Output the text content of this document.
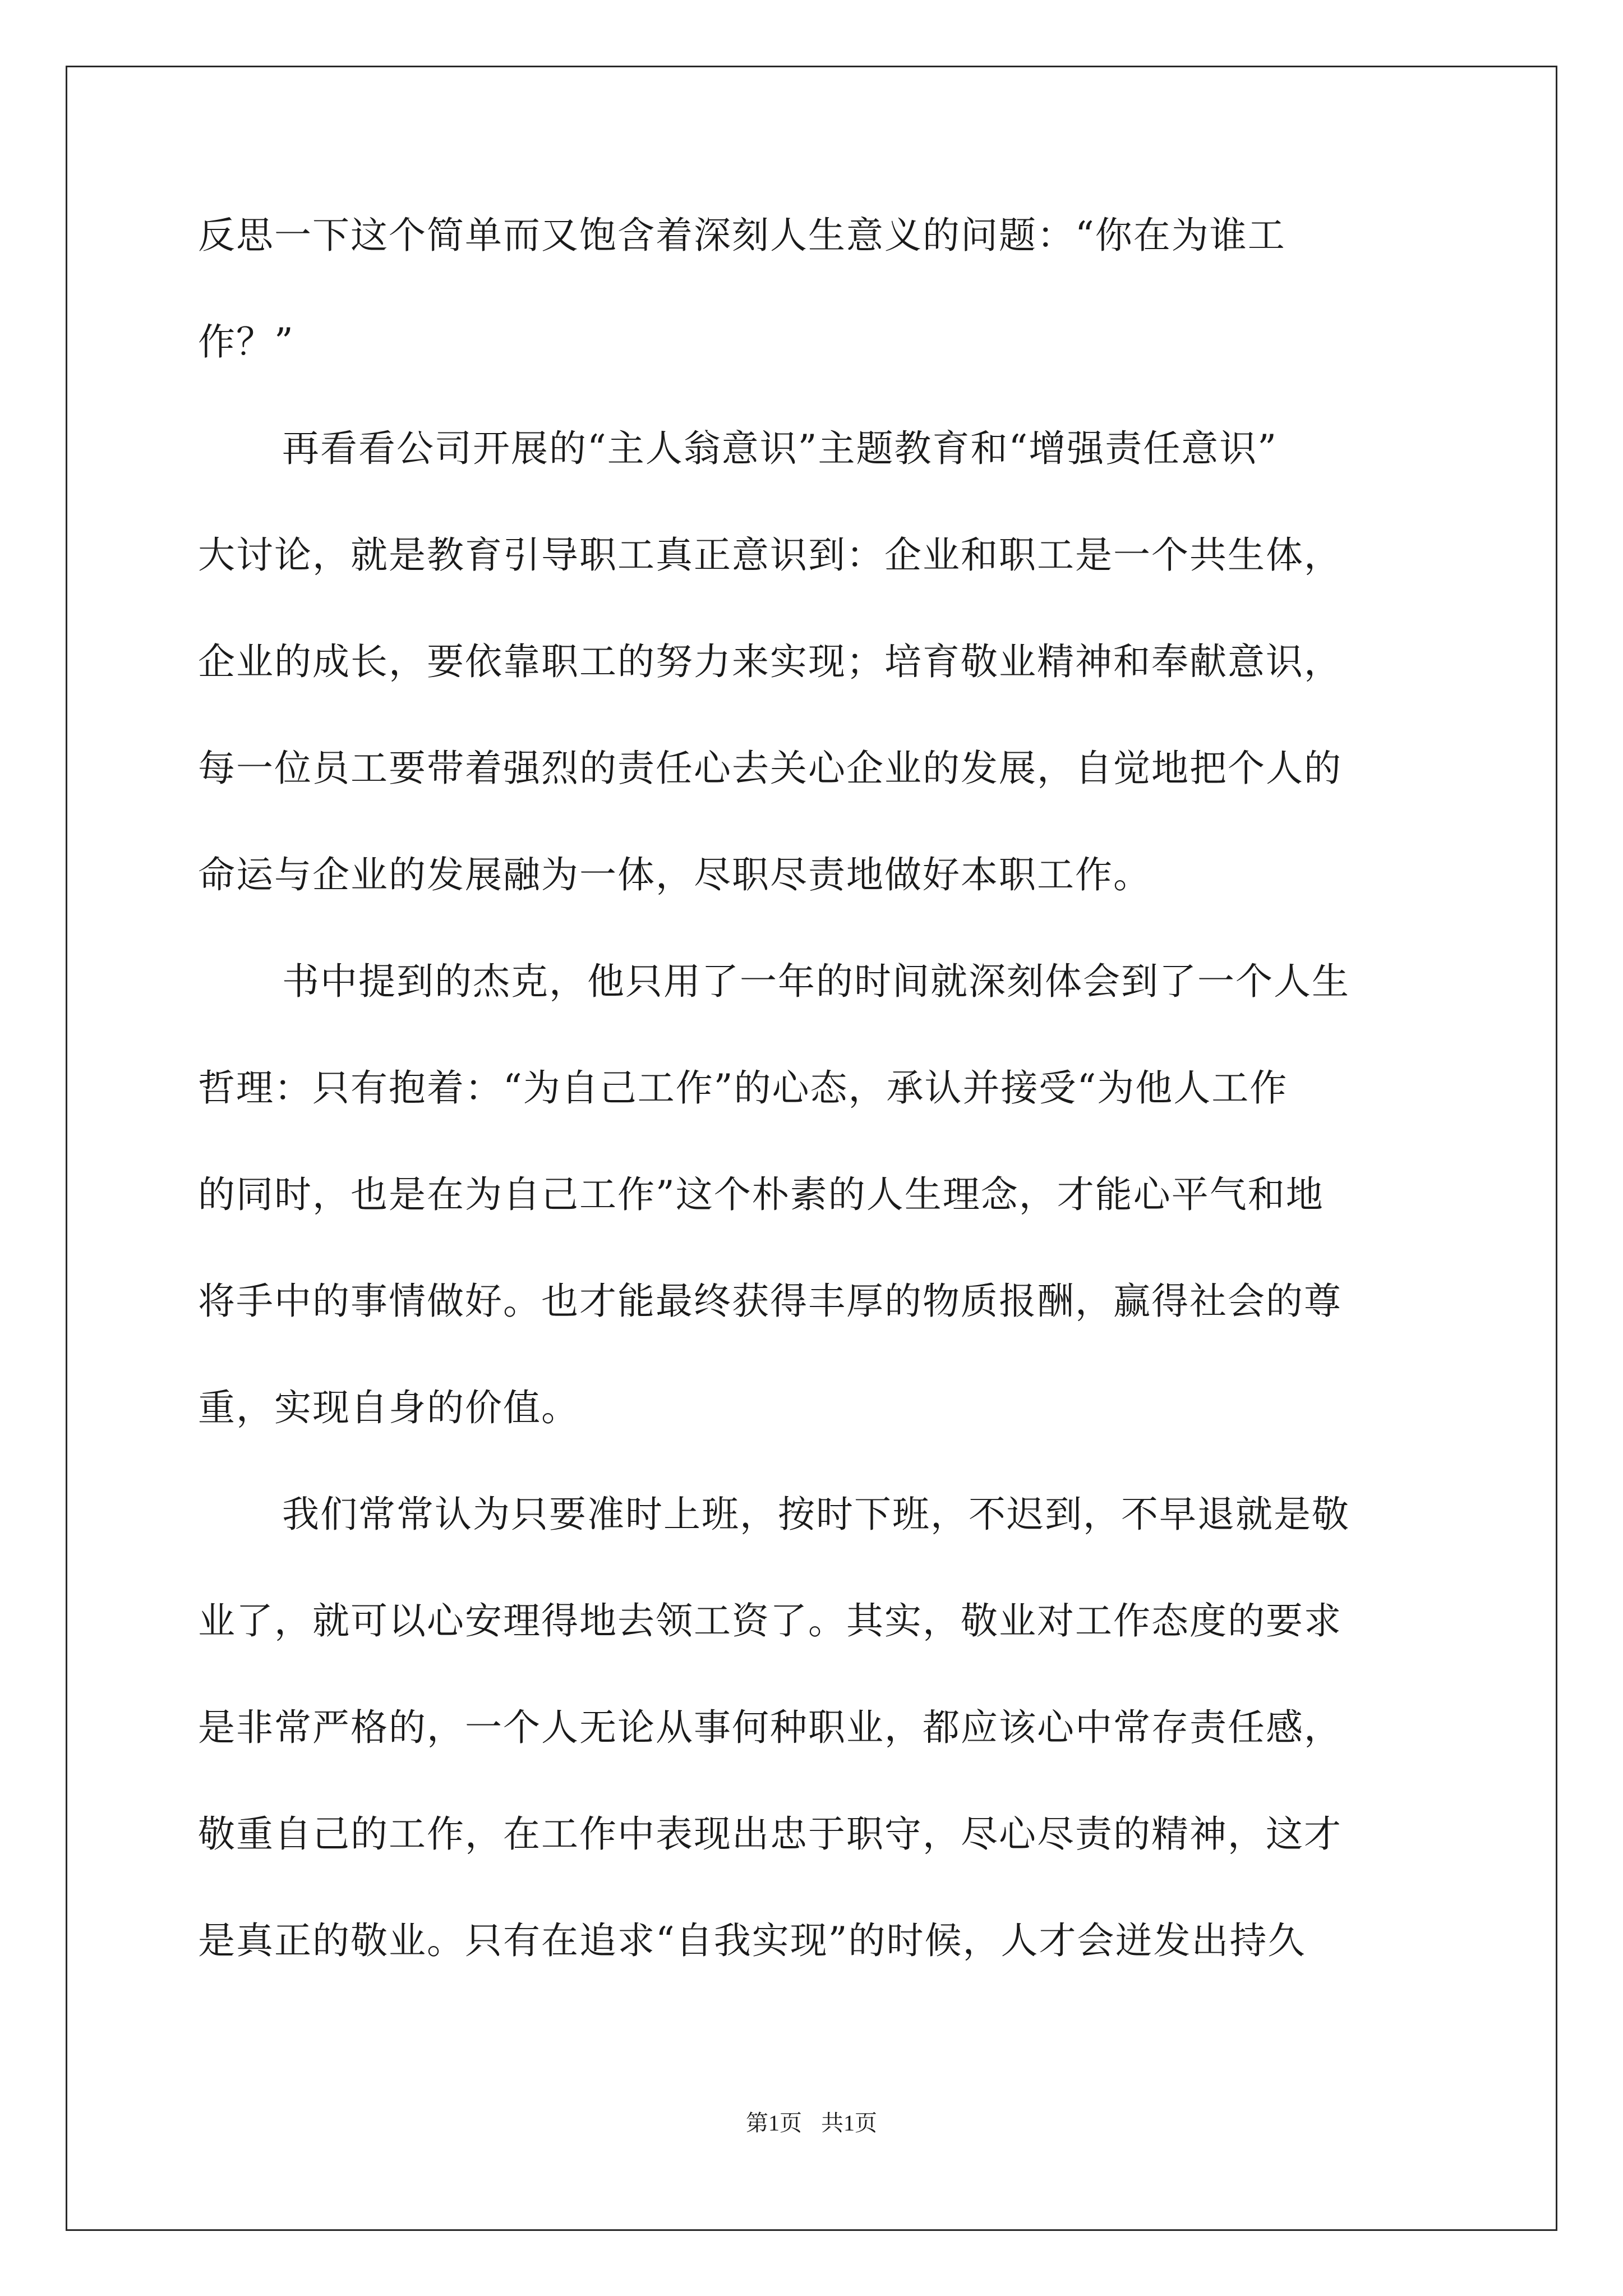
反思一下这个简单而又饱含着深刻人生意义的问题：“你在为谁工
作？”
再看看公司开展的“主人翁意识”主题教育和“增强责任意识”
大讨论，就是教育引导职工真正意识到：企业和职工是一个共生体，
企业的成长，要依靠职工的努力来实现；培育敬业精神和奉献意识，
每一位员工要带着强烈的责任心去关心企业的发展，自觉地把个人的
命运与企业的发展融为一体，尽职尽责地做好本职工作。
书中提到的杰克，他只用了一年的时间就深刻体会到了一个人生
哲理：只有抱着：“为自己工作”的心态，承认并接受“为他人工作
的同时，也是在为自己工作”这个朴素的人生理念，才能心平气和地
将手中的事情做好。也才能最终获得丰厚的物质报酬，赢得社会的尊
重，实现自身的价值。
我们常常认为只要准时上班，按时下班，不迟到，不早退就是敬
业了，就可以心安理得地去领工资了。其实，敬业对工作态度的要求
是非常严格的，一个人无论从事何种职业，都应该心中常存责任感，
敬重自己的工作，在工作中表现出忠于职守，尽心尽责的精神，这才
是真正的敬业。只有在追求“自我实现”的时候，人才会迸发出持久
第1页 共1页
